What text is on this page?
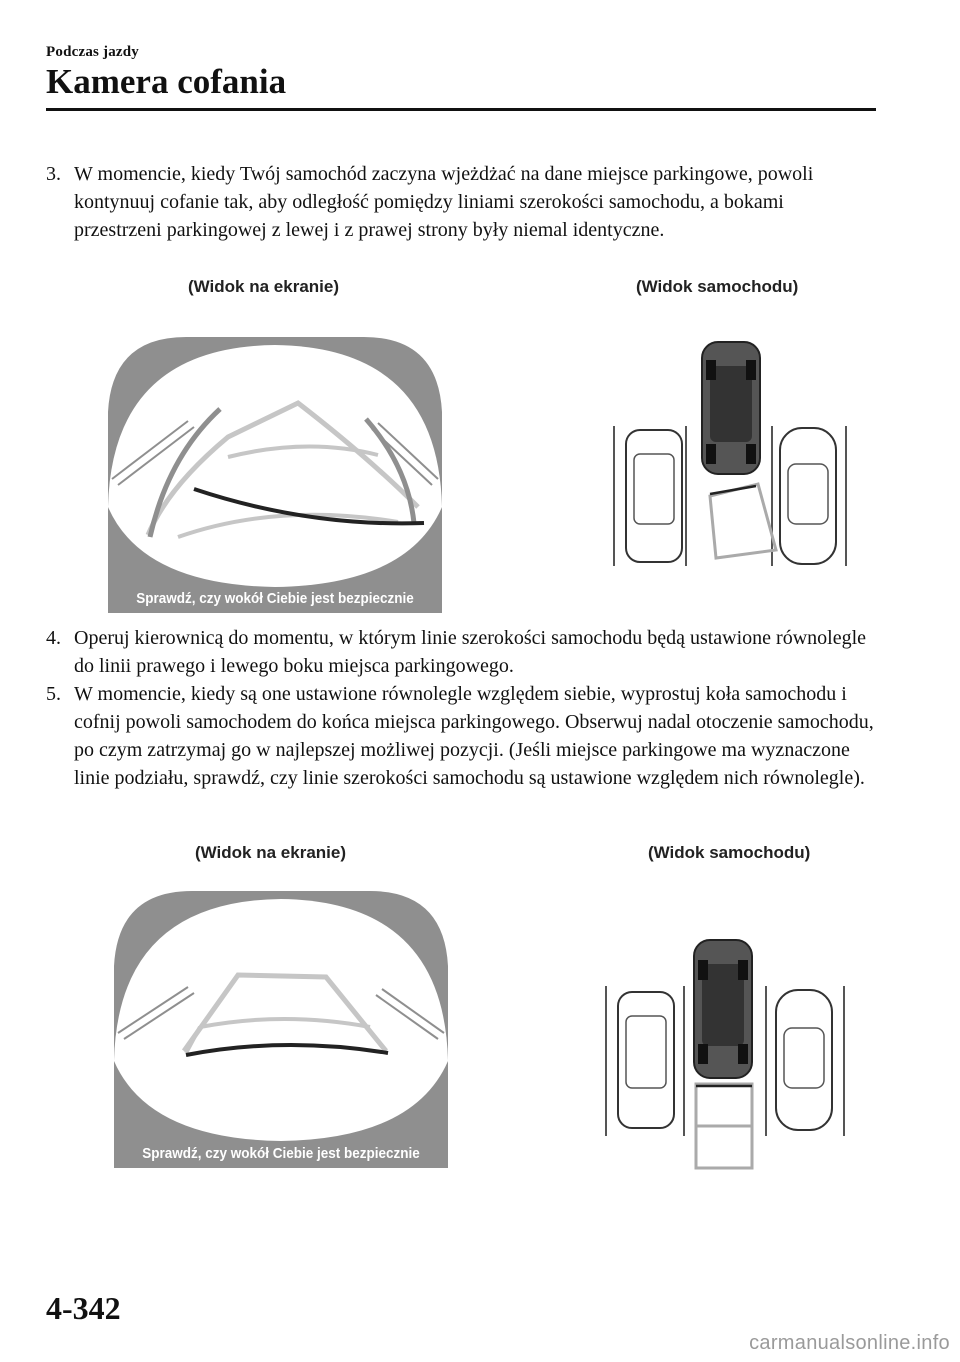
Podczas jazdy
Kamera cofania
3. W momencie, kiedy Twój samochód zaczyna wjeżdżać na dane miejsce parkingowe, powoli kontynuuj cofanie tak, aby odległość pomiędzy liniami szerokości samochodu, a bokami przestrzeni parkingowej z lewej i z prawej strony były niemal identyczne.
(Widok na ekranie)	(Widok samochodu)
Sprawdź, czy wokół Ciebie jest bezpiecznie
4. Operuj kierownicą do momentu, w którym linie szerokości samochodu będą ustawione równolegle do linii prawego i lewego boku miejsca parkingowego.
5. W momencie, kiedy są one ustawione równolegle względem siebie, wyprostuj koła samochodu i cofnij powoli samochodem do końca miejsca parkingowego. Obserwuj nadal otoczenie samochodu, po czym zatrzymaj go w najlepszej możliwej pozycji. (Jeśli miejsce parkingowe ma wyznaczone linie podziału, sprawdź, czy linie szerokości samochodu są ustawione względem nich równolegle).
(Widok na ekranie)	(Widok samochodu)
Sprawdź, czy wokół Ciebie jest bezpiecznie
4-342
carmanualsonline.info
